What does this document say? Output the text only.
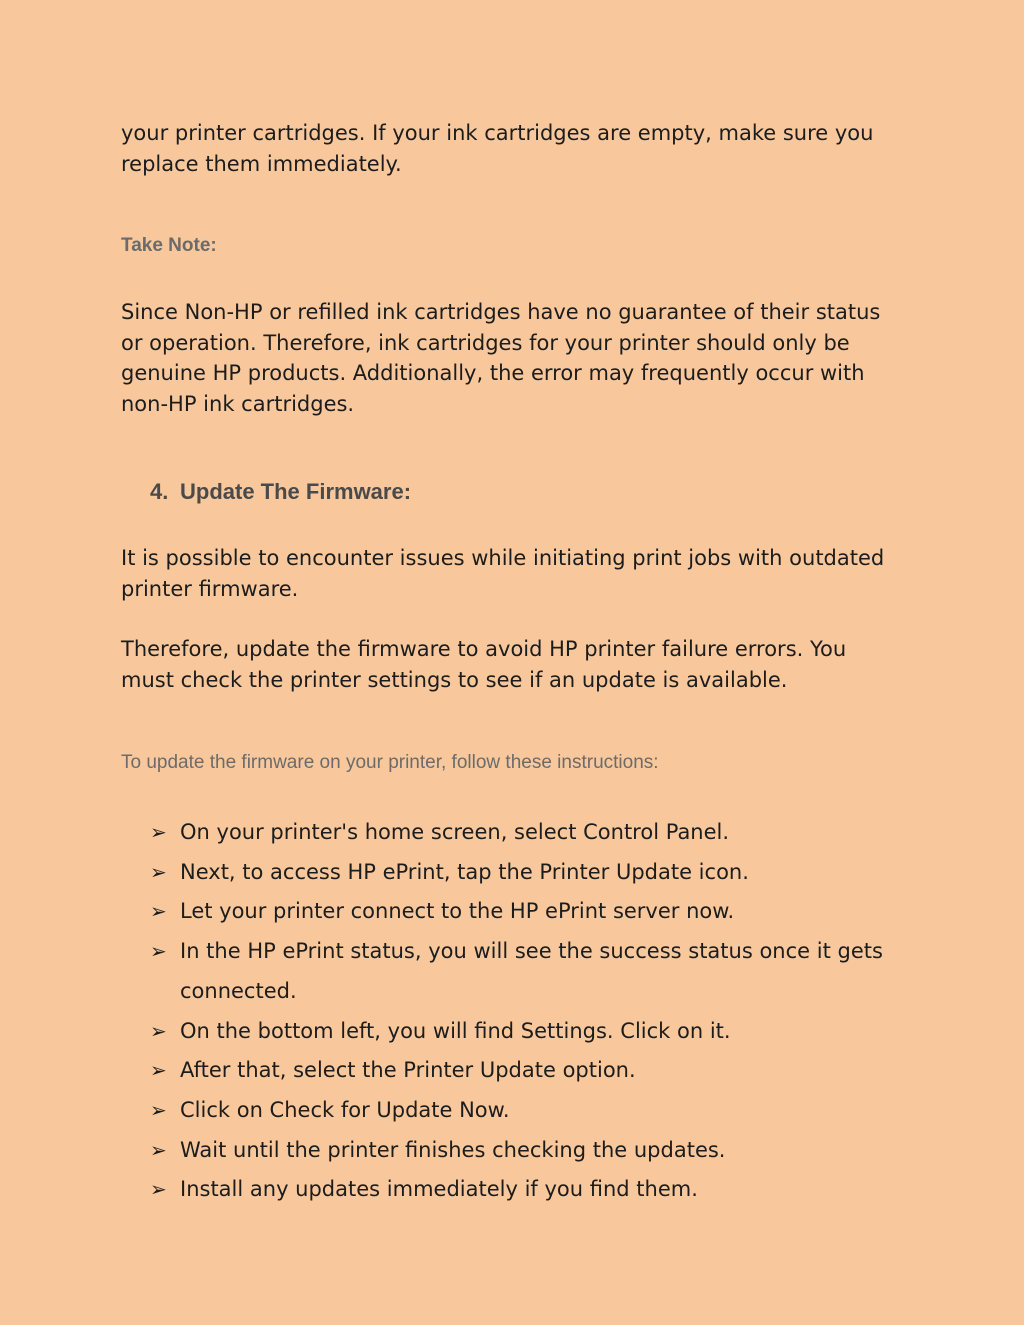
your printer cartridges. If your ink cartridges are empty, make sure you replace them immediately.

Take Note:

Since Non-HP or refilled ink cartridges have no guarantee of their status or operation. Therefore, ink cartridges for your printer should only be genuine HP products. Additionally, the error may frequently occur with non-HP ink cartridges.

4. Update The Firmware:

It is possible to encounter issues while initiating print jobs with outdated printer firmware.

Therefore, update the firmware to avoid HP printer failure errors. You must check the printer settings to see if an update is available.

To update the firmware on your printer, follow these instructions:

➢ On your printer's home screen, select Control Panel.
➢ Next, to access HP ePrint, tap the Printer Update icon.
➢ Let your printer connect to the HP ePrint server now.
➢ In the HP ePrint status, you will see the success status once it gets connected.
➢ On the bottom left, you will find Settings. Click on it.
➢ After that, select the Printer Update option.
➢ Click on Check for Update Now.
➢ Wait until the printer finishes checking the updates.
➢ Install any updates immediately if you find them.
